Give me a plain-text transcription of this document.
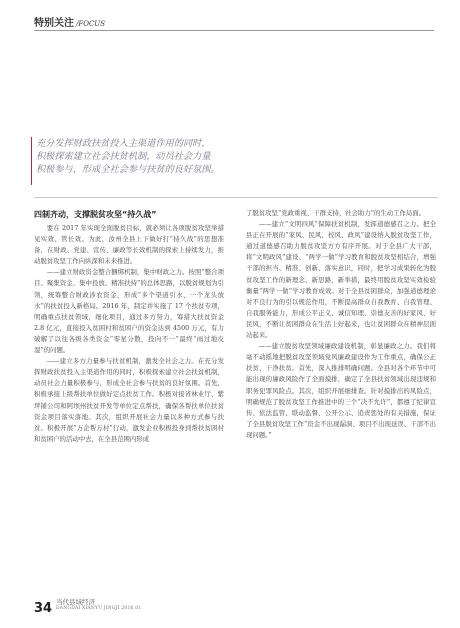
特别关注 /FOCUS
充分发挥财政扶贫投入主渠道作用的同时，
积极探索建立社会扶贫机制，动员社会力量
积极参与，形成全社会参与扶贫的良好氛围。
四制齐动，支撑脱贫攻坚“持久战”

要在 2017 年实现全面脱贫目标，就必须让各项脱贫攻坚举措见实效、管长效。为此，汝州全县上下做好打“持久战”的思想准备，在财政、党建、宣传、廉政等长效机制的探索上持续发力，推动脱贫攻坚工作向纵深和未来推进。

——建立财政资金整合捆绑机制，集中财政之力。按照“整合项目、聚集资金、集中投放、精准扶持”的总体思路，以脱贫规划为引领，统筹整合财政涉农资金，形成“多个渠道引水、一个龙头放水”的扶贫投入新格局。2016 年，制定并实施了 17 个扶贫专项，明确重点扶贫领域，细化项目，通过多方努力，筹措大扶贫资金 2.8 亿元，直接投入贫困村和贫困户的资金达到 4500 万元，有力破解了以往各级各类资金“零星分散，投向不一”最终“雨过地皮湿”的问题。

——建立多方力量参与扶贫机制，激发全社会之力。在充分发挥财政扶贫投入主渠道作用的同时，积极探索建立社会扶贫机制，动员社会力量积极参与，形成全社会参与扶贫的良好氛围。首先，积极承接上级帮扶单位做好定点扶贫工作。积极对接省林业厅、紫坪铺公司和阿坝州扶贫开发等单位定点帮扶，确保各帮扶单位扶贫资金项目落实落地。其次，组织开展社会力量以多种方式参与扶贫。积极开展“万企帮万村”行动，激发企业积极投身到帮扶贫困村和贫困户的活动中去，在全县范围内形成

了脱贫攻坚“党政重视、干群支持、社会助力”的生动工作局面。

——建立“文明四风”保障扶贫机制，发挥道德感召之力。把全县正在开展的“家风、民风、校风、政风”建设纳入脱贫攻坚工作，通过道德感召助力脱贫攻坚方方有序开展。对于全县广大干部，将“文明政风”建设、“两学一做”学习教育和脱贫攻坚相结合，增强干部的担当、精准、创新、落实意识，同时，把学习成果转化为脱贫攻坚工作的新理念、新思路、新举措，最终用脱贫攻坚实效检验衡量“两学一做”学习教育成效。对于全县贫困群众，加强道德理论对不良行为的引以规范作用，不断提高群众自我教育、自我管理、自我服务能力，形成公平正义、诚信知理、崇德友善的好家风、好民风，不断让贫困群众在生活上好起来，也让贫困群众在精神层面站起来。

——建立脱贫攻坚领域廉政建设机制，彰显廉政之力。我们将毫不动摇地把脱贫攻坚领域党风廉政建设作为工作重点，确保公正扶贫、干净扶贫。首先，深入推排明确问题。全县对各个环节中可能出现的廉政风险作了全面摸排，确定了全县扶贫领域出现违规和职务犯罪风险点。其次，组织开展细排查。针对摸排出的风险点，明确规范了脱贫攻坚工作推进中的三个“决不允许”，都遵了纪律宣传、依法监管、联动监督、公开公示、追责惩处的有关措施，保证了全县脱贫攻坚工作“资金不出现漏洞、项目不出现延误、干部不出现问题。”

34 当代县域经济
DANGDAI XIANYU JINGJI 2016.01
